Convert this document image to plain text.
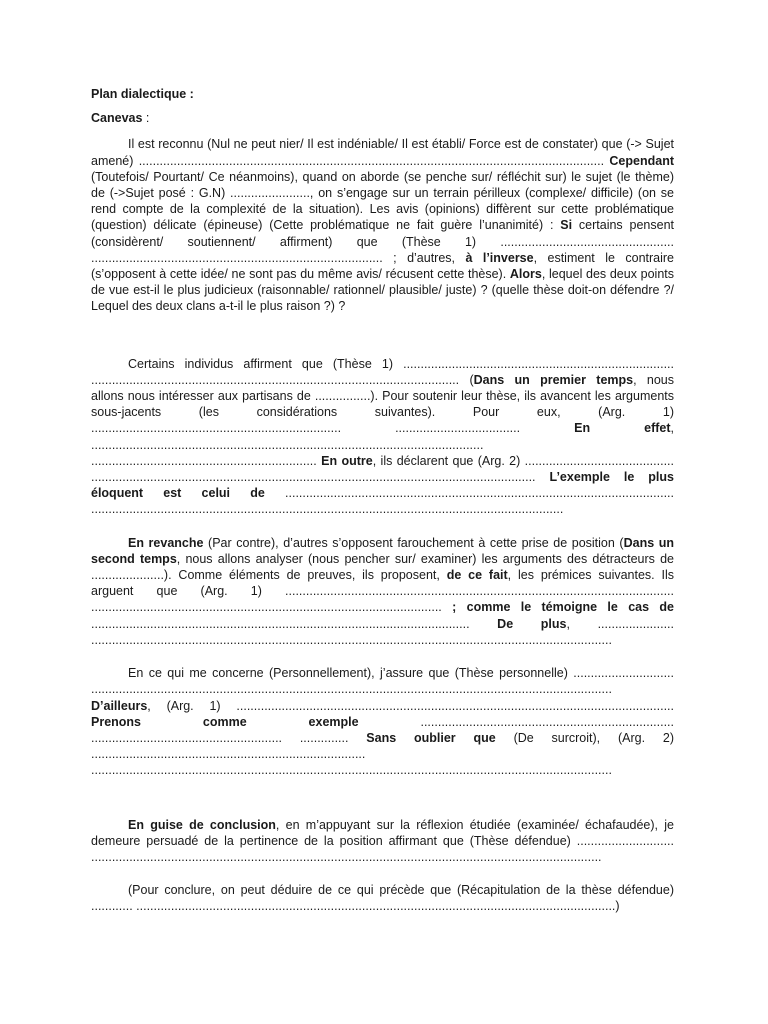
Plan dialectique :

Canevas :

Il est reconnu (Nul ne peut nier/ Il est indéniable/ Il est établi/ Force est de constater) que (-> Sujet amené) ...................................................................................................................................... Cependant (Toutefois/ Pourtant/ Ce néanmoins), quand on aborde (se penche sur/ réfléchit sur) le sujet (le thème) de (->Sujet posé : G.N) ......................., on s’engage sur un terrain périlleux (complexe/ difficile) (on se rend compte de la complexité de la situation). Les avis (opinions) diffèrent sur cette problématique (question) délicate (épineuse) (Cette problématique ne fait guère l’unanimité) : Si certains pensent (considèrent/ soutiennent/ affirment) que (Thèse 1) .................................................. .................................................................................... ; d’autres, à l’inverse, estiment le contraire (s’opposent à cette idée/ ne sont pas du même avis/ récusent cette thèse). Alors, lequel des deux points de vue est-il le plus judicieux (raisonnable/ rationnel/ plausible/ juste) ? (quelle thèse doit-on défendre ?/ Lequel des deux clans a-t-il le plus raison ?) ?

Certains individus affirment que (Thèse 1) .............................................................................. .......................................................................................................... (Dans un premier temps, nous allons nous intéresser aux partisans de ................). Pour soutenir leur thèse, ils avancent les arguments sous-jacents (les considérations suivantes). Pour eux, (Arg. 1) ........................................................................ .................................... En effet, ................................................................................................................. ................................................................. En outre, ils déclarent que (Arg. 2) ........................................... ................................................................................................................................ L’exemple le plus éloquent est celui de ................................................................................................................ ........................................................................................................................................

En revanche (Par contre), d’autres s’opposent farouchement à cette prise de position (Dans un second temps, nous allons analyser (nous pencher sur/ examiner) les arguments des détracteurs de .....................). Comme éléments de preuves, ils proposent, de ce fait, les prémices suivantes. Ils arguent que (Arg. 1) ................................................................................................................ ..................................................................................................... ; comme le témoigne le cas de ............................................................................................................. De plus, ...................... ......................................................................................................................................................

En ce qui me concerne (Personnellement), j’assure que (Thèse personnelle) ............................. ...................................................................................................................................................... D’ailleurs, (Arg. 1) .............................................................................................................................. Prenons comme exemple ......................................................................... ....................................................... .............. Sans oublier que (De surcroit), (Arg. 2) ............................................................................... ......................................................................................................................................................

En guise de conclusion, en m’appuyant sur la réflexion étudiée (examinée/ échafaudée), je demeure persuadé de la pertinence de la position affirmant que (Thèse défendue) ............................ ...................................................................................................................................................

(Pour conclure, on peut déduire de ce qui précède que (Récapitulation de la thèse défendue) ............ ..........................................................................................................................................)
